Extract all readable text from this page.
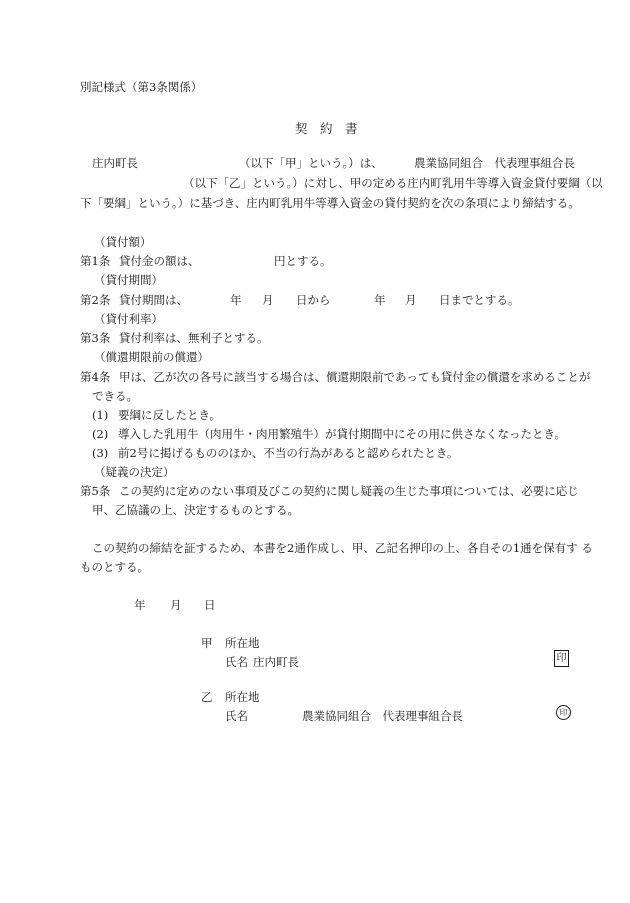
別記様式（第3条関係）
契　約　書
庄内町長	（以下「甲」という。）は、	農業協同組合　代表理事組合長
（以下「乙」という。）に対し、甲の定める庄内町乳用牛等導入資金貸付要綱（以
下「要綱」という。）に基づき、庄内町乳用牛等導入資金の貸付契約を次の条項により締結する。
（貸付額）
第1条 貸付金の額は、	円とする。
（貸付期間）
第2条 貸付期間は、	年 月 日から	年 月 日までとする。
（貸付利率）
第3条 貸付利率は、無利子とする。
（償還期限前の償還）
第4条 甲は、乙が次の各号に該当する場合は、償還期限前であっても貸付金の償還を求めることが
できる。
(1) 要綱に反したとき。
(2) 導入した乳用牛（肉用牛・肉用繁殖牛）が貸付期間中にその用に供さなくなったとき。
(3) 前2号に掲げるもののほか、不当の行為があると認められたとき。
（疑義の決定）
第5条 この契約に定めのない事項及びこの契約に関し疑義の生じた事項については、必要に応じ
甲、乙協議の上、決定するものとする。
この契約の締結を証するため、本書を2通作成し、甲、乙記名押印の上、各自その1通を保有す る
ものとする。
年 月 日
甲 所在地
氏名 庄内町長	印
乙 所在地
氏名	農業協同組合　代表理事組合長	印
